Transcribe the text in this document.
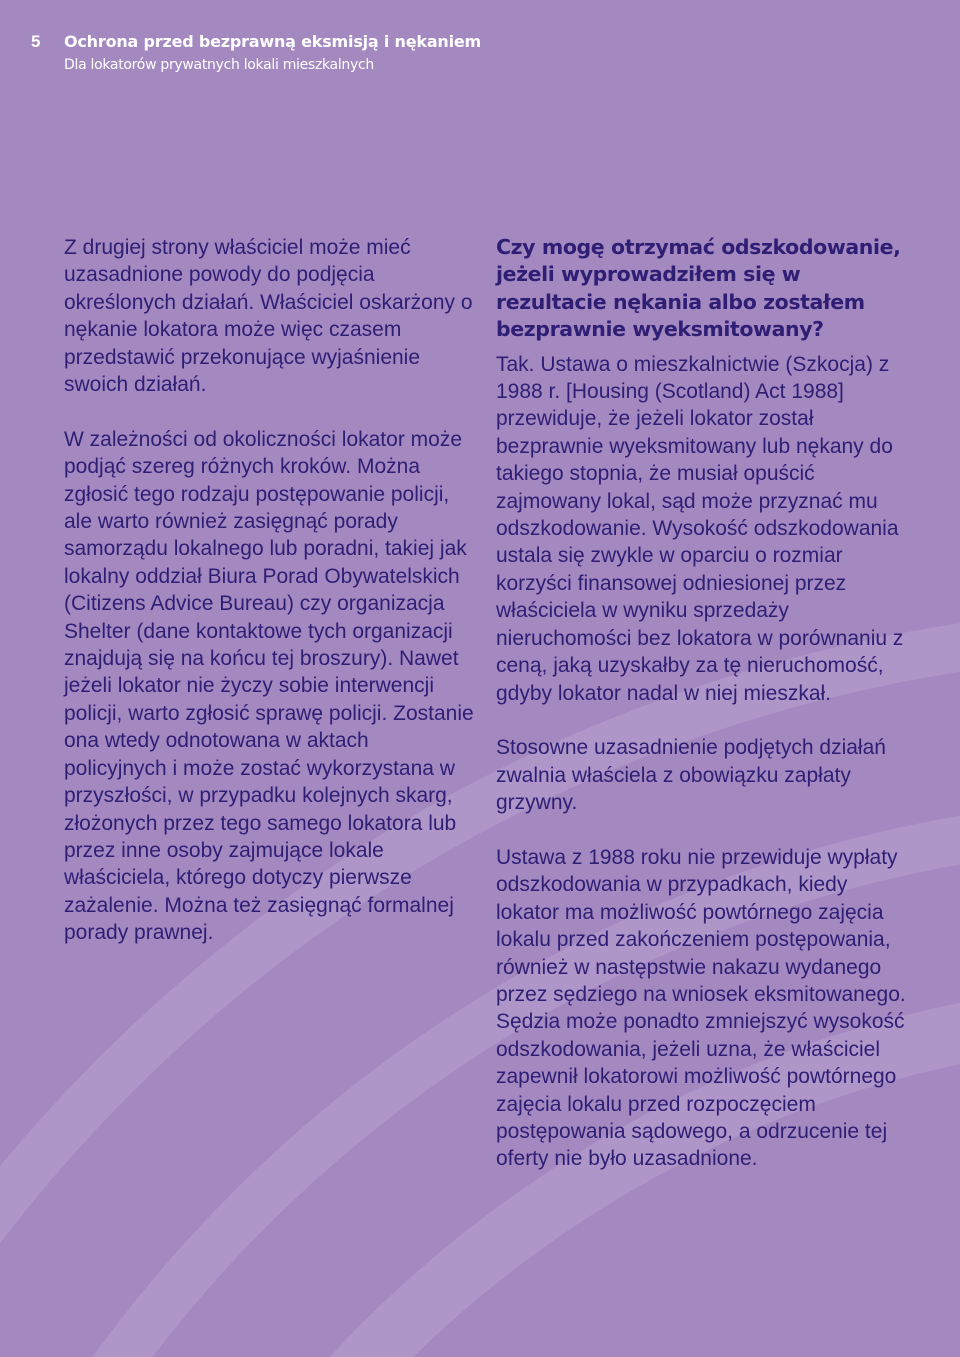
5 Ochrona przed bezprawną eksmisją i nękaniem
Dla lokatorów prywatnych lokali mieszkalnych

Z drugiej strony właściciel może mieć uzasadnione powody do podjęcia określonych działań. Właściciel oskarżony o nękanie lokatora może więc czasem przedstawić przekonujące wyjaśnienie swoich działań.

W zależności od okoliczności lokator może podjąć szereg różnych kroków. Można zgłosić tego rodzaju postępowanie policji, ale warto również zasięgnąć porady samorządu lokalnego lub poradni, takiej jak lokalny oddział Biura Porad Obywatelskich (Citizens Advice Bureau) czy organizacja Shelter (dane kontaktowe tych organizacji znajdują się na końcu tej broszury). Nawet jeżeli lokator nie życzy sobie interwencji policji, warto zgłosić sprawę policji. Zostanie ona wtedy odnotowana w aktach policyjnych i może zostać wykorzystana w przyszłości, w przypadku kolejnych skarg, złożonych przez tego samego lokatora lub przez inne osoby zajmujące lokale właściciela, którego dotyczy pierwsze zażalenie. Można też zasięgnąć formalnej porady prawnej.

Czy mogę otrzymać odszkodowanie, jeżeli wyprowadziłem się w rezultacie nękania albo zostałem bezprawnie wyeksmitowany?

Tak. Ustawa o mieszkalnictwie (Szkocja) z 1988 r. [Housing (Scotland) Act 1988] przewiduje, że jeżeli lokator został bezprawnie wyeksmitowany lub nękany do takiego stopnia, że musiał opuścić zajmowany lokal, sąd może przyznać mu odszkodowanie. Wysokość odszkodowania ustala się zwykle w oparciu o rozmiar korzyści finansowej odniesionej przez właściciela w wyniku sprzedaży nieruchomości bez lokatora w porównaniu z ceną, jaką uzyskałby za tę nieruchomość, gdyby lokator nadal w niej mieszkał.

Stosowne uzasadnienie podjętych działań zwalnia właściela z obowiązku zapłaty grzywny.

Ustawa z 1988 roku nie przewiduje wypłaty odszkodowania w przypadkach, kiedy lokator ma możliwość powtórnego zajęcia lokalu przed zakończeniem postępowania, również w następstwie nakazu wydanego przez sędziego na wniosek eksmitowanego. Sędzia może ponadto zmniejszyć wysokość odszkodowania, jeżeli uzna, że właściciel zapewnił lokatorowi możliwość powtórnego zajęcia lokalu przed rozpoczęciem postępowania sądowego, a odrzucenie tej oferty nie było uzasadnione.
